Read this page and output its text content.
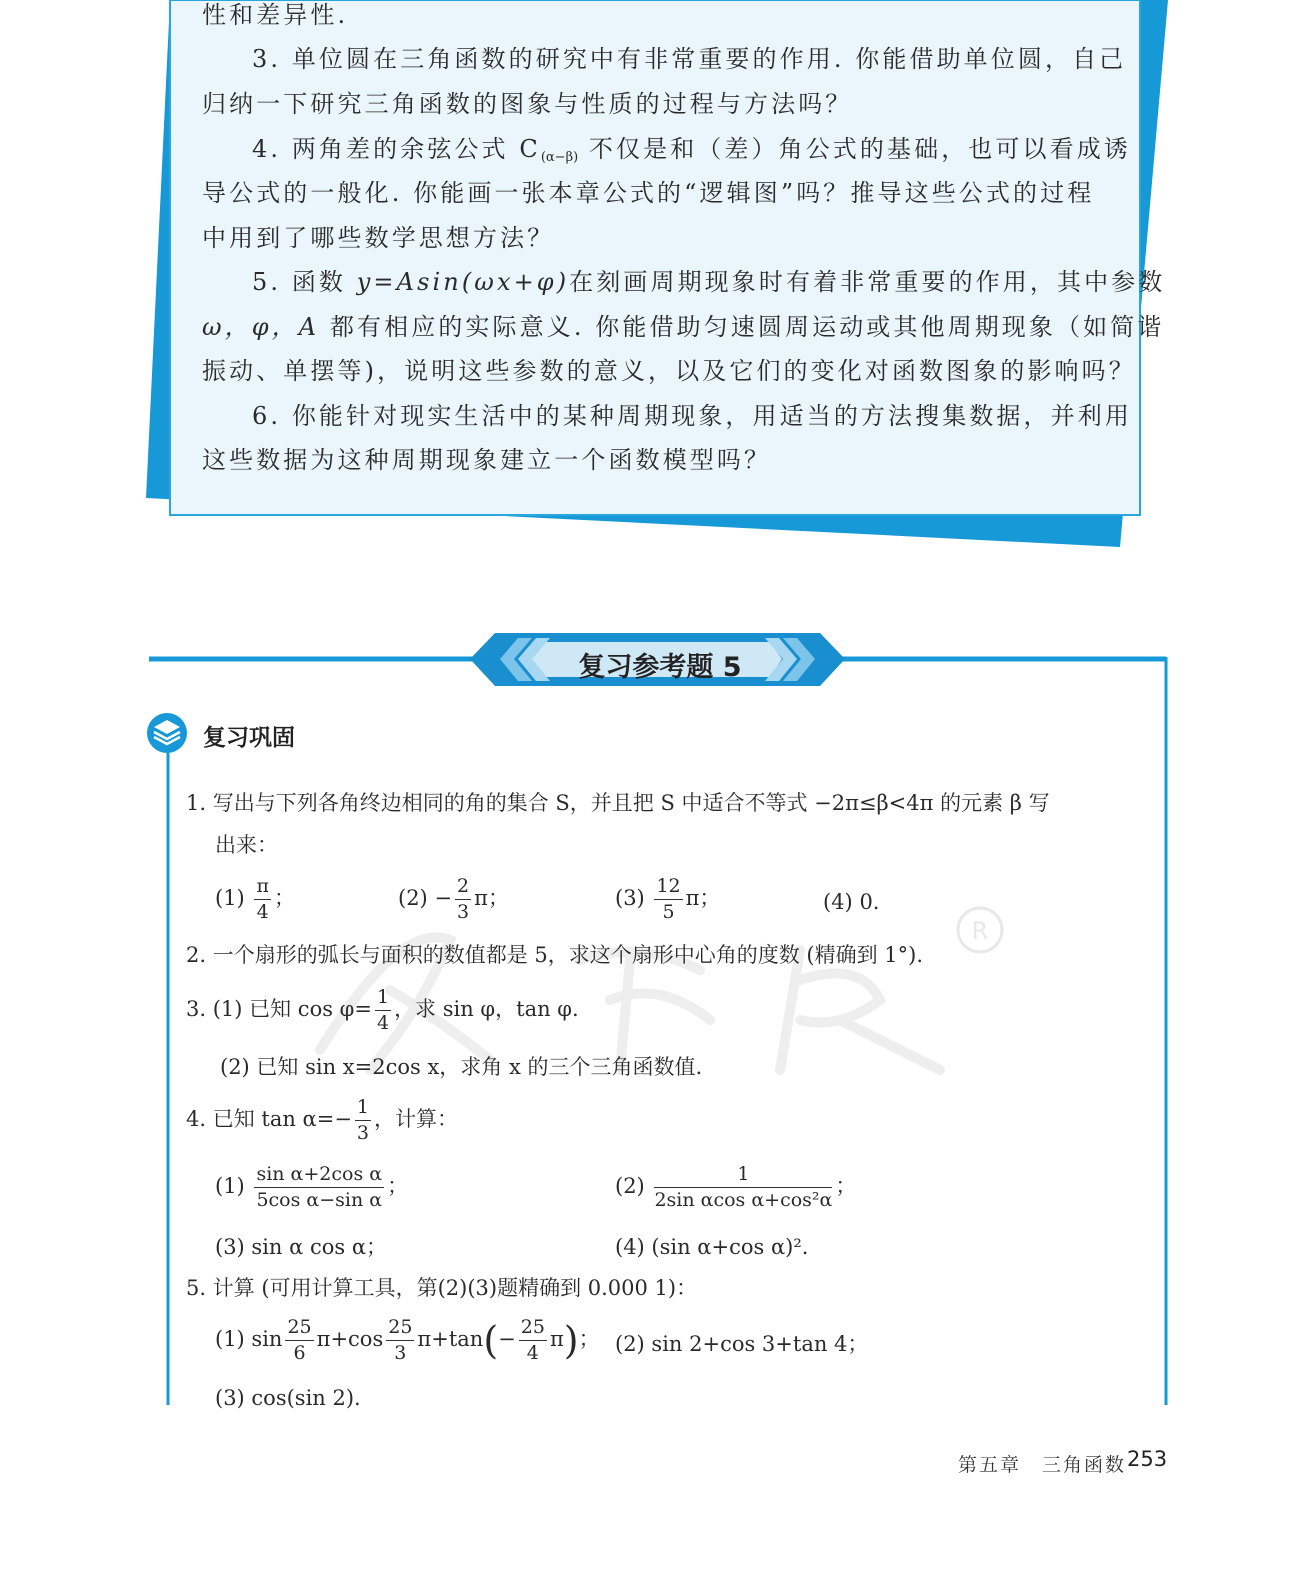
性和差异性.
3. 单位圆在三角函数的研究中有非常重要的作用. 你能借助单位圆，自己
归纳一下研究三角函数的图象与性质的过程与方法吗？
4. 两角差的余弦公式 $C_{(\alpha-\beta)}$ 不仅是和（差）角公式的基础，也可以看成诱
导公式的一般化. 你能画一张本章公式的“逻辑图”吗？推导这些公式的过程
中用到了哪些数学思想方法？
5. 函数 y=Asin(ωx+φ)在刻画周期现象时有着非常重要的作用，其中参数
ω，φ，A 都有相应的实际意义. 你能借助匀速圆周运动或其他周期现象（如简谐
振动、单摆等)，说明这些参数的意义，以及它们的变化对函数图象的影响吗？
6. 你能针对现实生活中的某种周期现象，用适当的方法搜集数据，并利用
这些数据为这种周期现象建立一个函数模型吗？
复习参考题 5
复习巩固
R
1. 写出与下列各角终边相同的角的集合 S，并且把 S 中适合不等式 −2π≤β<4π 的元素 β 写
出来：
$(1) \frac{\pi}{4}$ ；	$(2) - \frac{2}{3}$ π；	$(3) \frac{12}{5}$ π；	(4) 0.
2. 一个扇形的弧长与面积的数值都是 5，求这个扇形中心角的度数 (精确到 1°).
3. (1) 已知 $\cos \varphi= \frac{1}{4}$ ，求 sin φ，tan φ.
(2) 已知 sin x=2cos x，求角 x 的三个三角函数值.
4. 已知 $\tan \alpha=- \frac{1}{3}$ ，计算：
$(1) \frac{\text{sin α+2cos α}}{\text{5cos α−sin α}}$ ；	$(2) \frac{1}{\text{2sin αcos α+cos²α}}$ ；
(3) sin α cos α；	(4) (sin α+cos α)².
5. 计算 (可用计算工具，第(2)(3)题精确到 0.000 1)：
(1) $\sin \frac{25}{6} \pi+\cos \frac{25}{3} \pi+\tan(- \frac{25}{4} \pi)$； (2) sin 2+cos 3+tan 4；
(3) cos(sin 2).
第五章　三角函数 253
